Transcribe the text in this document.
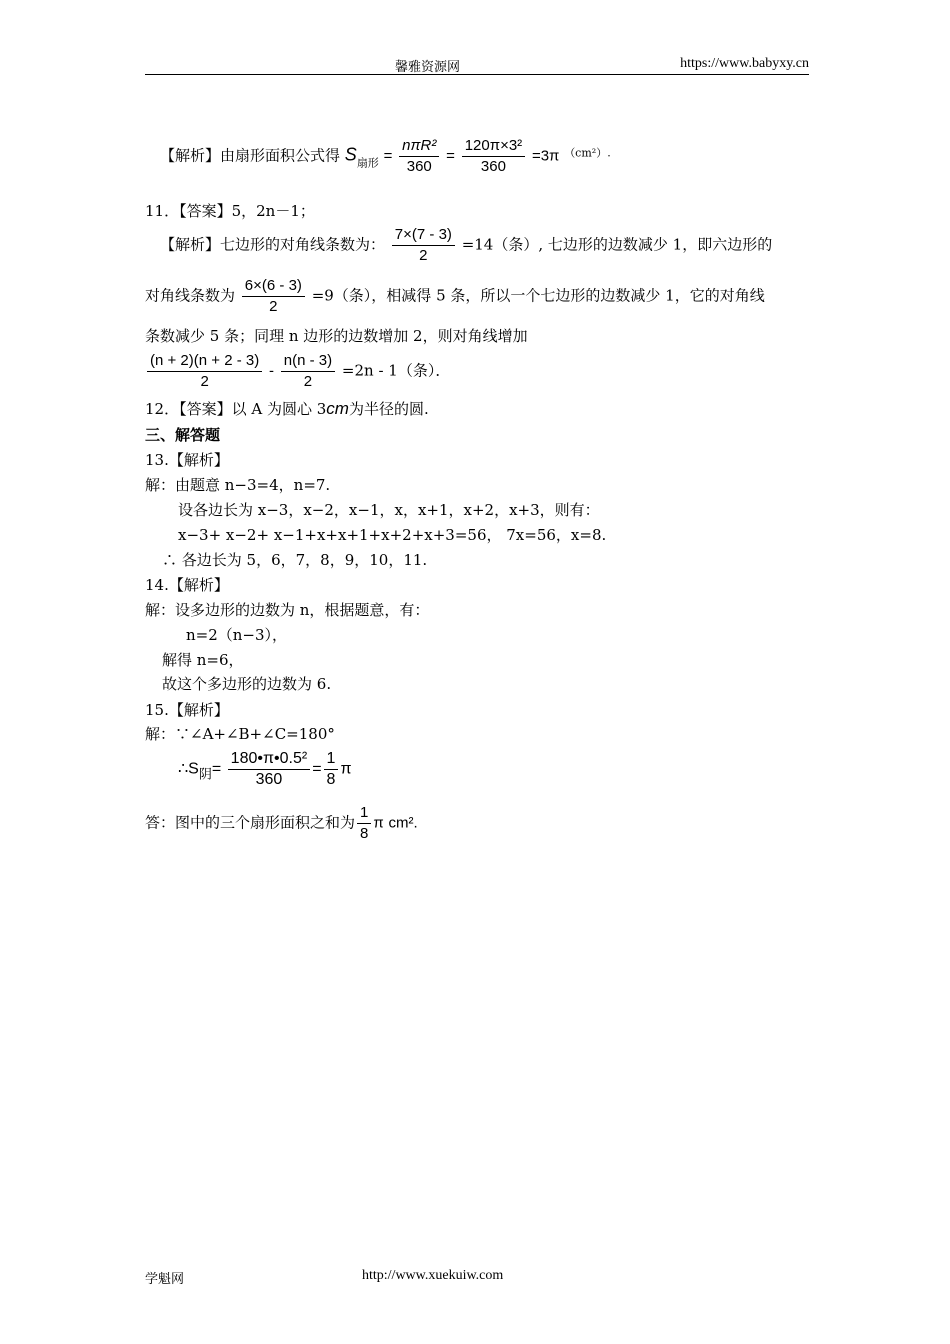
馨雅资源网	https://www.babyxy.cn
【解析】由扇形面积公式得 $S_{扇形} = \frac{\text{nπR²}}{360} = \frac{\text{120π×3²}}{360} =3\pi$ $^{(cm^2).}$
11．【答案】5，2n－1；
【解析】七边形的对角线条数为： $\frac{7\times(7 - 3)}{2} =14$（条）, 七边形的边数减少 1，即六边形的
对角线条数为 $\frac{6\times(6 - 3)}{2} =9$（条），相减得 5 条，所以一个七边形的边数减少 1，它的对角线
条数减少 5 条；同理 n 边形的边数增加 2，则对角线增加
$\frac{(n + 2)(n + 2 - 3)}{2} - \frac{n(n - 3)}{2} =2n - 1$（条）．
12．【答案】以 A 为圆心 3cm为半径的圆.
三、解答题
13.【解析】
解：由题意 n−3=4，n=7.
设各边长为 x−3，x−2，x−1，x，x+1，x+2，x+3，则有：
x−3+ x−2+ x−1+x+x+1+x+2+x+3=56， 7x=56，x=8.
∴ 各边长为 5，6，7，8，9，10，11.
14.【解析】
解：设多边形的边数为 n，根据题意，有：
n=2（n−3），
解得 n=6，
故这个多边形的边数为 6.
15.【解析】
解：∵∠A+∠B+∠C=180°
$\therefore S_阴= \frac{\text{180•π•0.5²}}{360} = \frac{1}{8}$ π
答：图中的三个扇形面积之和为 $\frac{1}{8}$ π cm².
学魁网	http://www.xuekuiw.com
